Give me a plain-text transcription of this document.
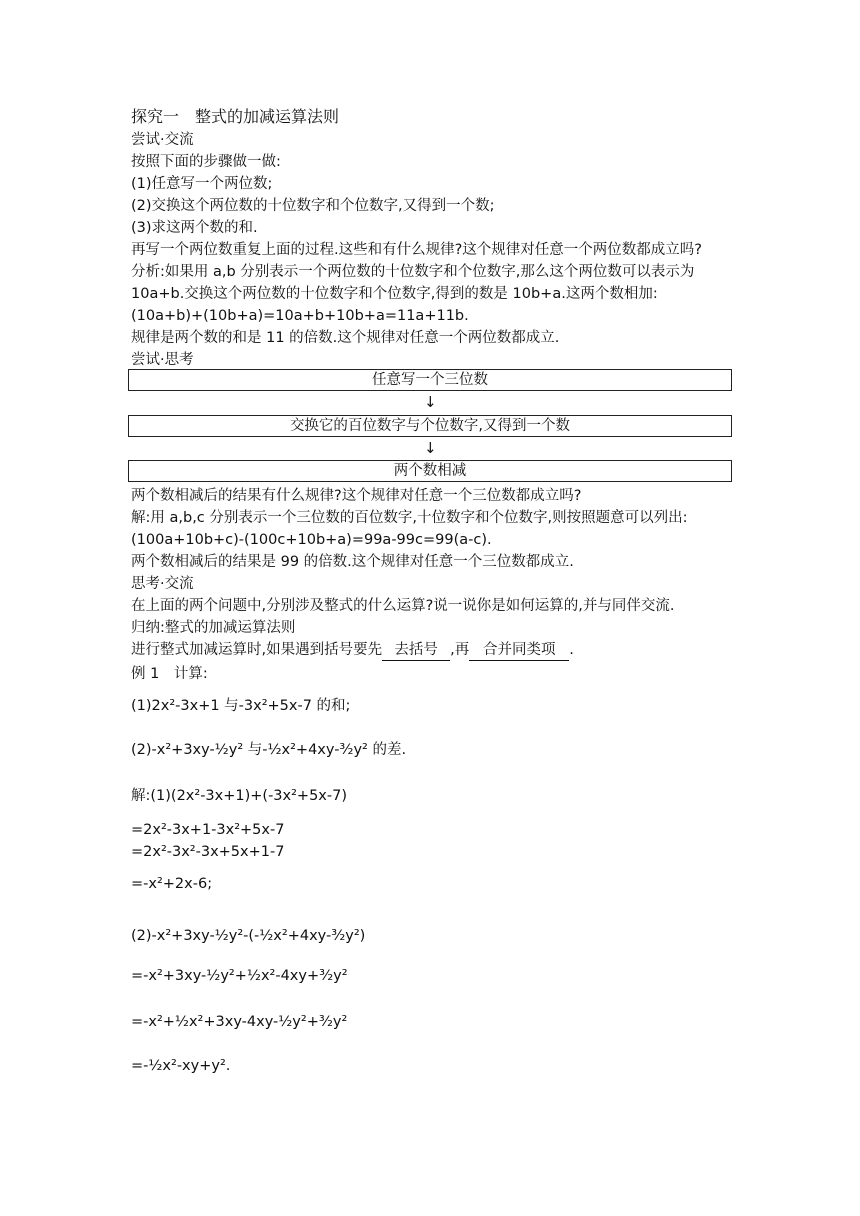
探究一　整式的加减运算法则
尝试·交流
按照下面的步骤做一做:
(1)任意写一个两位数;
(2)交换这个两位数的十位数字和个位数字,又得到一个数;
(3)求这两个数的和.
再写一个两位数重复上面的过程.这些和有什么规律?这个规律对任意一个两位数都成立吗?
分析:如果用 a,b 分别表示一个两位数的十位数字和个位数字,那么这个两位数可以表示为
10a+b.交换这个两位数的十位数字和个位数字,得到的数是 10b+a.这两个数相加:
(10a+b)+(10b+a)=10a+b+10b+a=11a+11b.
规律是两个数的和是 11 的倍数.这个规律对任意一个两位数都成立.
尝试·思考
任意写一个三位数
↓
交换它的百位数字与个位数字,又得到一个数
↓
两个数相减
两个数相减后的结果有什么规律?这个规律对任意一个三位数都成立吗?
解:用 a,b,c 分别表示一个三位数的百位数字,十位数字和个位数字,则按照题意可以列出:
(100a+10b+c)-(100c+10b+a)=99a-99c=99(a-c).
两个数相减后的结果是 99 的倍数.这个规律对任意一个三位数都成立.
思考·交流
在上面的两个问题中,分别涉及整式的什么运算?说一说你是如何运算的,并与同伴交流.
归纳:整式的加减运算法则
进行整式加减运算时,如果遇到括号要先 去括号 ,再 合并同类项 .
例 1　计算:
(1)2x²-3x+1 与-3x²+5x-7 的和;
(2)-x²+3xy-½y² 与-½x²+4xy-³⁄₂y² 的差.
解:(1)(2x²-3x+1)+(-3x²+5x-7)
=2x²-3x+1-3x²+5x-7
=2x²-3x²-3x+5x+1-7
=-x²+2x-6;
(2)-x²+3xy-½y²-(-½x²+4xy-³⁄₂y²)
=-x²+3xy-½y²+½x²-4xy+³⁄₂y²
=-x²+½x²+3xy-4xy-½y²+³⁄₂y²
=-½x²-xy+y².
